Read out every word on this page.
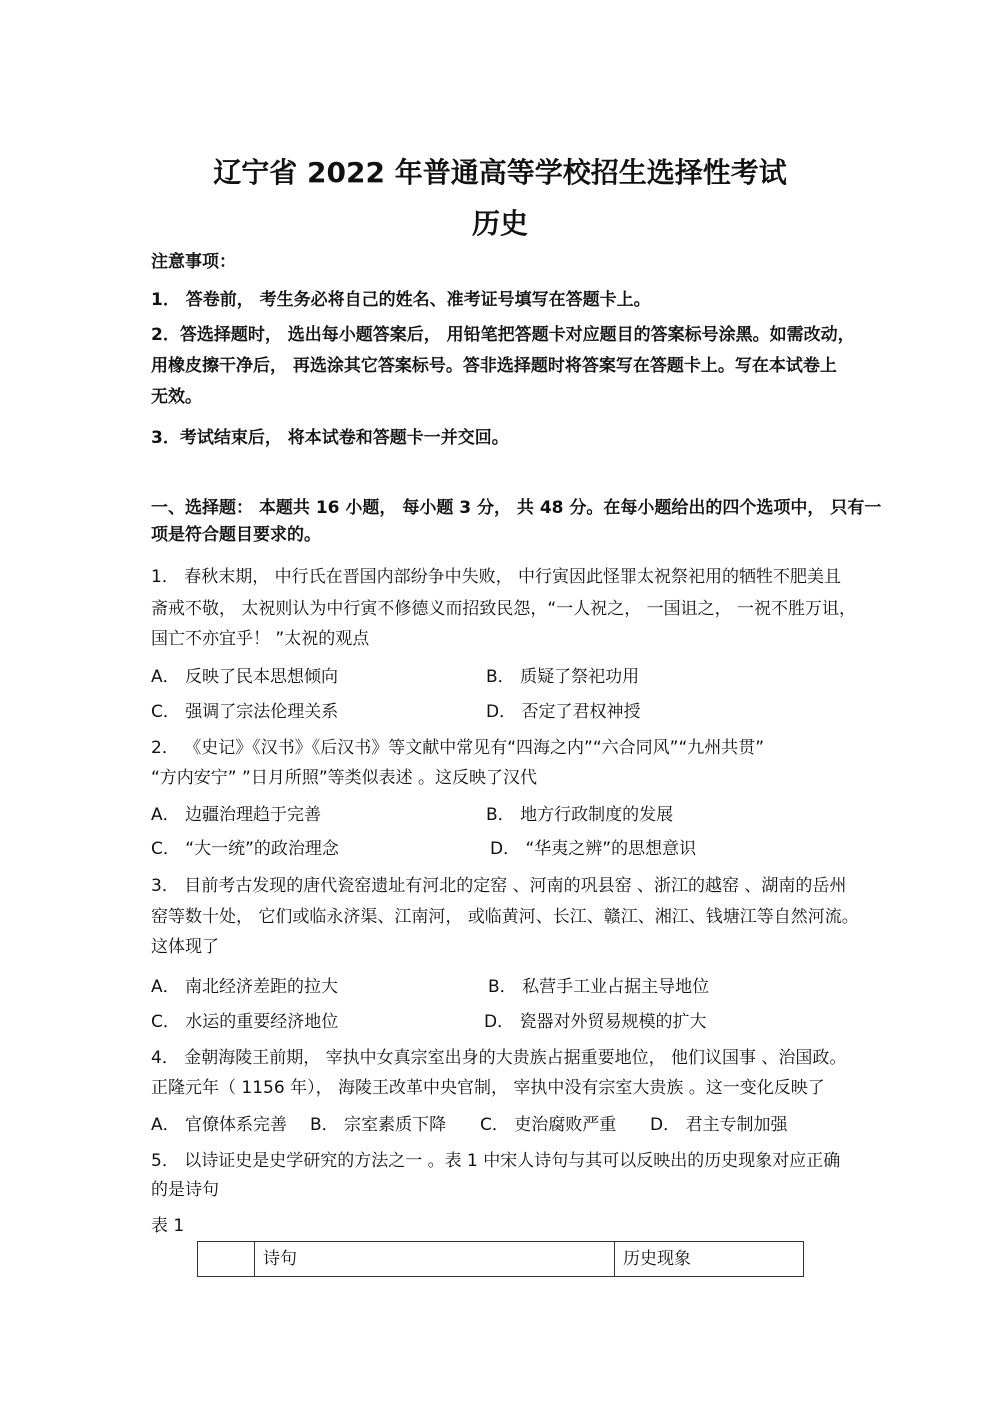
辽宁省 2022 年普通高等学校招生选择性考试
历史
注意事项：
1． 答卷前， 考生务必将自己的姓名、准考证号填写在答题卡上。
2．答选择题时， 选出每小题答案后， 用铅笔把答题卡对应题目的答案标号涂黑。如需改动，
用橡皮擦干净后， 再选涂其它答案标号。答非选择题时将答案写在答题卡上。写在本试卷上
无效。
3．考试结束后， 将本试卷和答题卡一并交回。
一、选择题： 本题共 16 小题， 每小题 3 分， 共 48 分。在每小题给出的四个选项中， 只有一
项是符合题目要求的。
1． 春秋末期， 中行氏在晋国内部纷争中失败， 中行寅因此怪罪太祝祭祀用的牺牲不肥美且
斋戒不敬， 太祝则认为中行寅不修德义而招致民怨，“一人祝之， 一国诅之， 一祝不胜万诅，
国亡不亦宜乎！ ”太祝的观点
A． 反映了民本思想倾向	B． 质疑了祭祀功用
C． 强调了宗法伦理关系	D． 否定了君权神授
2． 《史记》《汉书》《后汉书》等文献中常见有“四海之内”“六合同风”“九州共贯”
“方内安宁” ”日月所照”等类似表述 。这反映了汉代
A． 边疆治理趋于完善	B． 地方行政制度的发展
C． “大一统”的政治理念	D． “华夷之辨”的思想意识
3． 目前考古发现的唐代瓷窑遗址有河北的定窑 、河南的巩县窑 、浙江的越窑 、湖南的岳州
窑等数十处， 它们或临永济渠、江南河， 或临黄河、长江、赣江、湘江、钱塘江等自然河流。
这体现了
A． 南北经济差距的拉大	B． 私营手工业占据主导地位
C． 水运的重要经济地位	D． 瓷器对外贸易规模的扩大
4． 金朝海陵王前期， 宰执中女真宗室出身的大贵族占据重要地位， 他们议国事 、治国政。
正隆元年（ 1156 年）， 海陵王改革中央官制， 宰执中没有宗室大贵族 。这一变化反映了
A． 官僚体系完善 B． 宗室素质下降 C． 吏治腐败严重 D． 君主专制加强
5． 以诗证史是史学研究的方法之一 。表 1 中宋人诗句与其可以反映出的历史现象对应正确
的是诗句
表 1
	诗句	历史现象
